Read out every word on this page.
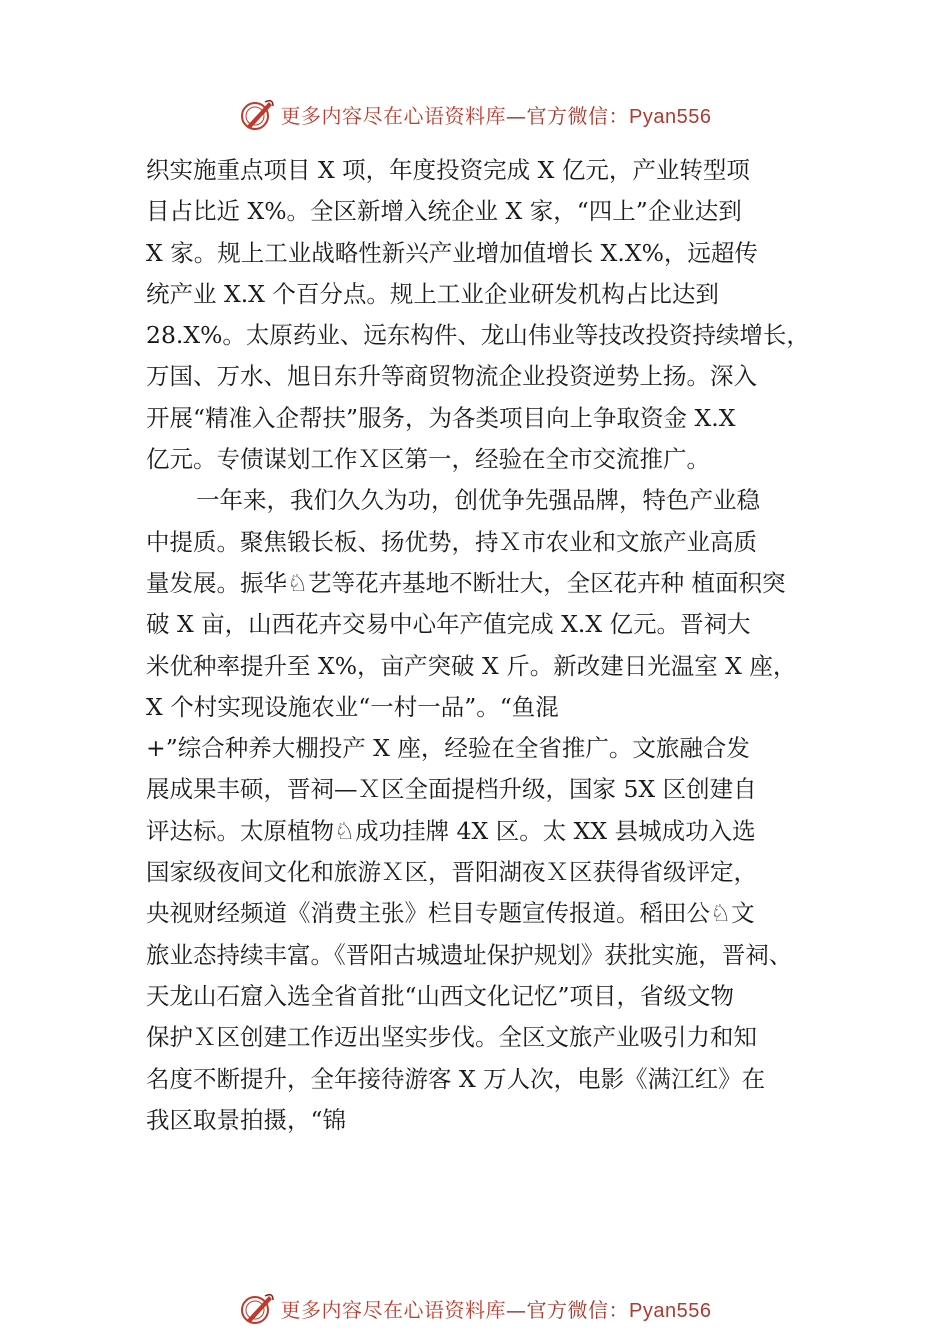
更多内容尽在心语资料库—官方微信：Pyan556
织实施重点项目 X 项，年度投资完成 X 亿元，产业转型项
目占比近 X%。全区新增入统企业 X 家，“四上”企业达到
X 家。规上工业战略性新兴产业增加值增长 X.X%，远超传
统产业 X.X 个百分点。规上工业企业研发机构占比达到
28.X%。太原药业、远东构件、龙山伟业等技改投资持续增长，
万国、万水、旭日东升等商贸物流企业投资逆势上扬。深入
开展“精准入企帮扶”服务，为各类项目向上争取资金 X.X
亿元。专债谋划工作Ｘ区第一，经验在全市交流推广。
一年来，我们久久为功，创优争先强品牌，特色产业稳
中提质。聚焦锻长板、扬优势，持Ｘ市农业和文旅产业高质
量发展。振华♘艺等花卉基地不断壮大，全区花卉种 植面积突
破 X 亩，山西花卉交易中心年产值完成 X.X 亿元。晋祠大
米优种率提升至 X%，亩产突破 X 斤。新改建日光温室 X 座，
X 个村实现设施农业“一村一品”。“鱼混
+”综合种养大棚投产 X 座，经验在全省推广。文旅融合发
展成果丰硕，晋祠—Ｘ区全面提档升级，国家 5X 区创建自
评达标。太原植物♘成功挂牌 4X 区。太 XX 县城成功入选
国家级夜间文化和旅游Ｘ区，晋阳湖夜Ｘ区获得省级评定，
央视财经频道《消费主张》栏目专题宣传报道。稻田公♘文
旅业态持续丰富。《晋阳古城遗址保护规划》获批实施，晋祠、
天龙山石窟入选全省首批“山西文化记忆”项目，省级文物
保护Ｘ区创建工作迈出坚实步伐。全区文旅产业吸引力和知
名度不断提升，全年接待游客 X 万人次，电影《满江红》在
我区取景拍摄，“锦
更多内容尽在心语资料库—官方微信：Pyan556
